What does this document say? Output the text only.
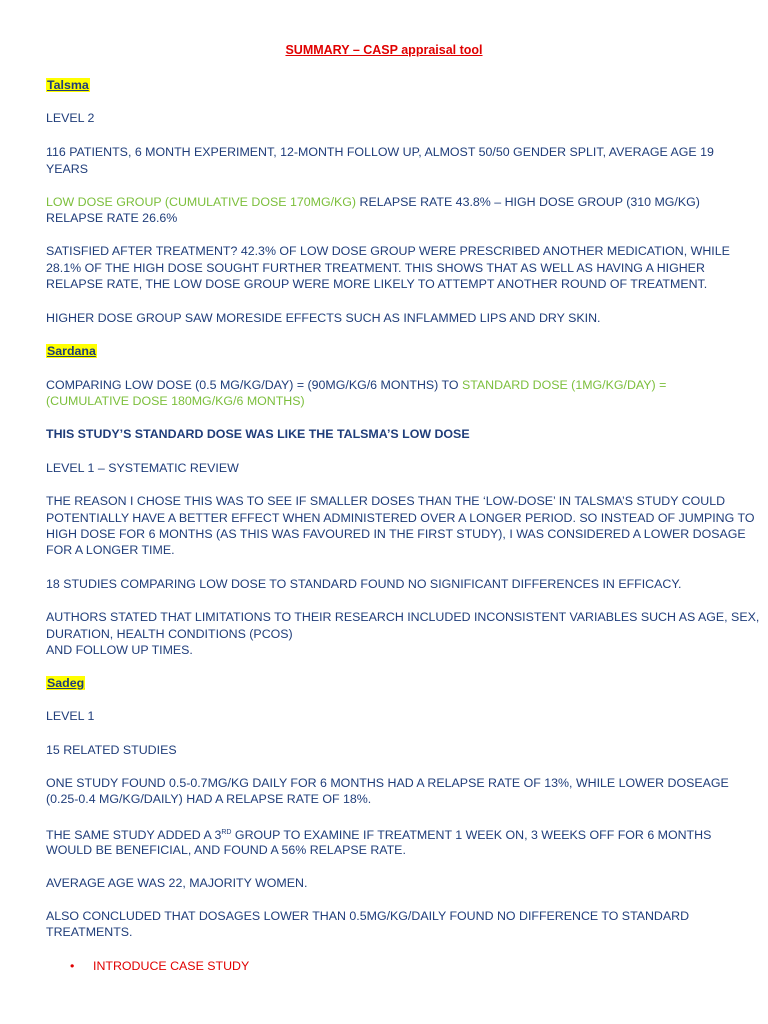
SUMMARY – CASP appraisal tool
Talsma
LEVEL 2
116 PATIENTS, 6 MONTH EXPERIMENT, 12-MONTH FOLLOW UP, ALMOST 50/50 GENDER SPLIT, AVERAGE AGE 19
YEARS
LOW DOSE GROUP (CUMULATIVE DOSE 170MG/KG) RELAPSE RATE 43.8% – HIGH DOSE GROUP (310 MG/KG)
RELAPSE RATE 26.6%
SATISFIED AFTER TREATMENT? 42.3% OF LOW DOSE GROUP WERE PRESCRIBED ANOTHER MEDICATION, WHILE
28.1% OF THE HIGH DOSE SOUGHT FURTHER TREATMENT. THIS SHOWS THAT AS WELL AS HAVING A HIGHER
RELAPSE RATE, THE LOW DOSE GROUP WERE MORE LIKELY TO ATTEMPT ANOTHER ROUND OF TREATMENT.
HIGHER DOSE GROUP SAW MORESIDE EFFECTS SUCH AS INFLAMMED LIPS AND DRY SKIN.
Sardana
COMPARING LOW DOSE (0.5 MG/KG/DAY) = (90MG/KG/6 MONTHS) TO STANDARD DOSE (1MG/KG/DAY) =
(CUMULATIVE DOSE 180MG/KG/6 MONTHS)
THIS STUDY’S STANDARD DOSE WAS LIKE THE TALSMA’S LOW DOSE
LEVEL 1 – SYSTEMATIC REVIEW
THE REASON I CHOSE THIS WAS TO SEE IF SMALLER DOSES THAN THE ‘LOW-DOSE’ IN TALSMA’S STUDY COULD
POTENTIALLY HAVE A BETTER EFFECT WHEN ADMINISTERED OVER A LONGER PERIOD. SO INSTEAD OF JUMPING TO
HIGH DOSE FOR 6 MONTHS (AS THIS WAS FAVOURED IN THE FIRST STUDY), I WAS CONSIDERED A LOWER DOSAGE
FOR A LONGER TIME.
18 STUDIES COMPARING LOW DOSE TO STANDARD FOUND NO SIGNIFICANT DIFFERENCES IN EFFICACY.
AUTHORS STATED THAT LIMITATIONS TO THEIR RESEARCH INCLUDED INCONSISTENT VARIABLES SUCH AS AGE, SEX,
DURATION, HEALTH CONDITIONS (PCOS)
AND FOLLOW UP TIMES.
Sadeg
LEVEL 1
15 RELATED STUDIES
ONE STUDY FOUND 0.5-0.7MG/KG DAILY FOR 6 MONTHS HAD A RELAPSE RATE OF 13%, WHILE LOWER DOSEAGE
(0.25-0.4 MG/KG/DAILY) HAD A RELAPSE RATE OF 18%.
THE SAME STUDY ADDED A 3RD GROUP TO EXAMINE IF TREATMENT 1 WEEK ON, 3 WEEKS OFF FOR 6 MONTHS
WOULD BE BENEFICIAL, AND FOUND A 56% RELAPSE RATE.
AVERAGE AGE WAS 22, MAJORITY WOMEN.
ALSO CONCLUDED THAT DOSAGES LOWER THAN 0.5MG/KG/DAILY FOUND NO DIFFERENCE TO STANDARD
TREATMENTS.
• INTRODUCE CASE STUDY
